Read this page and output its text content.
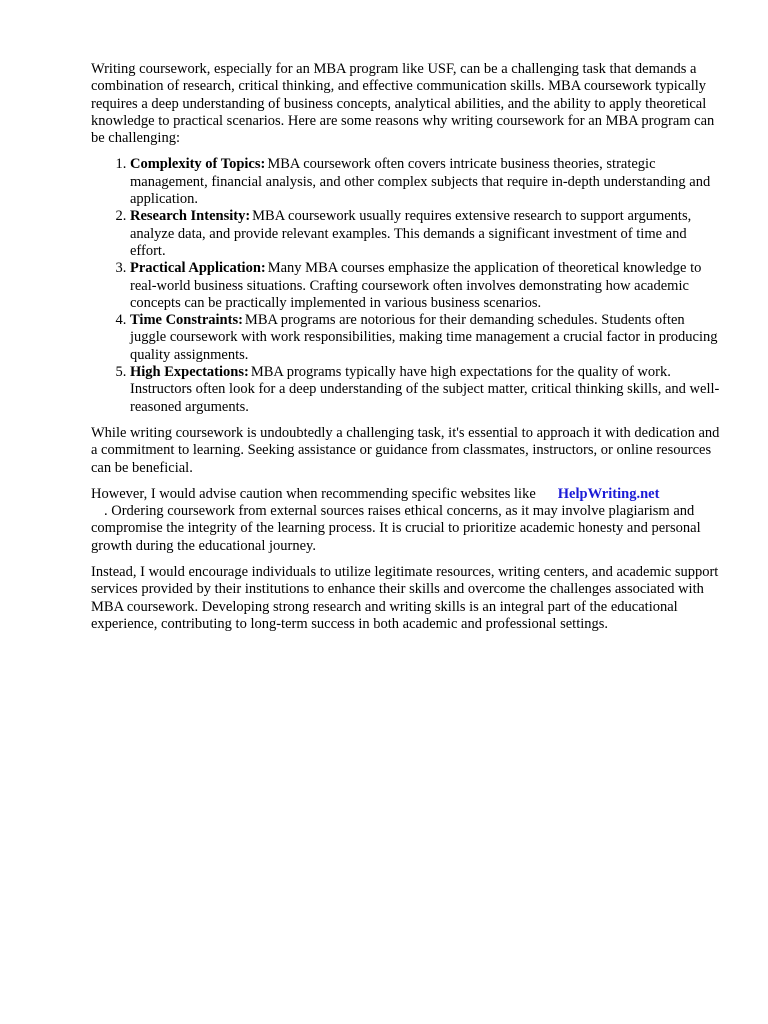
Writing coursework, especially for an MBA program like USF, can be a challenging task that demands a combination of research, critical thinking, and effective communication skills. MBA coursework typically requires a deep understanding of business concepts, analytical abilities, and the ability to apply theoretical knowledge to practical scenarios. Here are some reasons why writing coursework for an MBA program can be challenging:

1. Complexity of Topics: MBA coursework often covers intricate business theories, strategic management, financial analysis, and other complex subjects that require in-depth understanding and application.
2. Research Intensity: MBA coursework usually requires extensive research to support arguments, analyze data, and provide relevant examples. This demands a significant investment of time and effort.
3. Practical Application: Many MBA courses emphasize the application of theoretical knowledge to real-world business situations. Crafting coursework often involves demonstrating how academic concepts can be practically implemented in various business scenarios.
4. Time Constraints: MBA programs are notorious for their demanding schedules. Students often juggle coursework with work responsibilities, making time management a crucial factor in producing quality assignments.
5. High Expectations: MBA programs typically have high expectations for the quality of work. Instructors often look for a deep understanding of the subject matter, critical thinking skills, and well-reasoned arguments.

While writing coursework is undoubtedly a challenging task, it's essential to approach it with dedication and a commitment to learning. Seeking assistance or guidance from classmates, instructors, or online resources can be beneficial.

However, I would advise caution when recommending specific websites like HelpWriting.net
. Ordering coursework from external sources raises ethical concerns, as it may involve plagiarism and compromise the integrity of the learning process. It is crucial to prioritize academic honesty and personal growth during the educational journey.

Instead, I would encourage individuals to utilize legitimate resources, writing centers, and academic support services provided by their institutions to enhance their skills and overcome the challenges associated with MBA coursework. Developing strong research and writing skills is an integral part of the educational experience, contributing to long-term success in both academic and professional settings.
